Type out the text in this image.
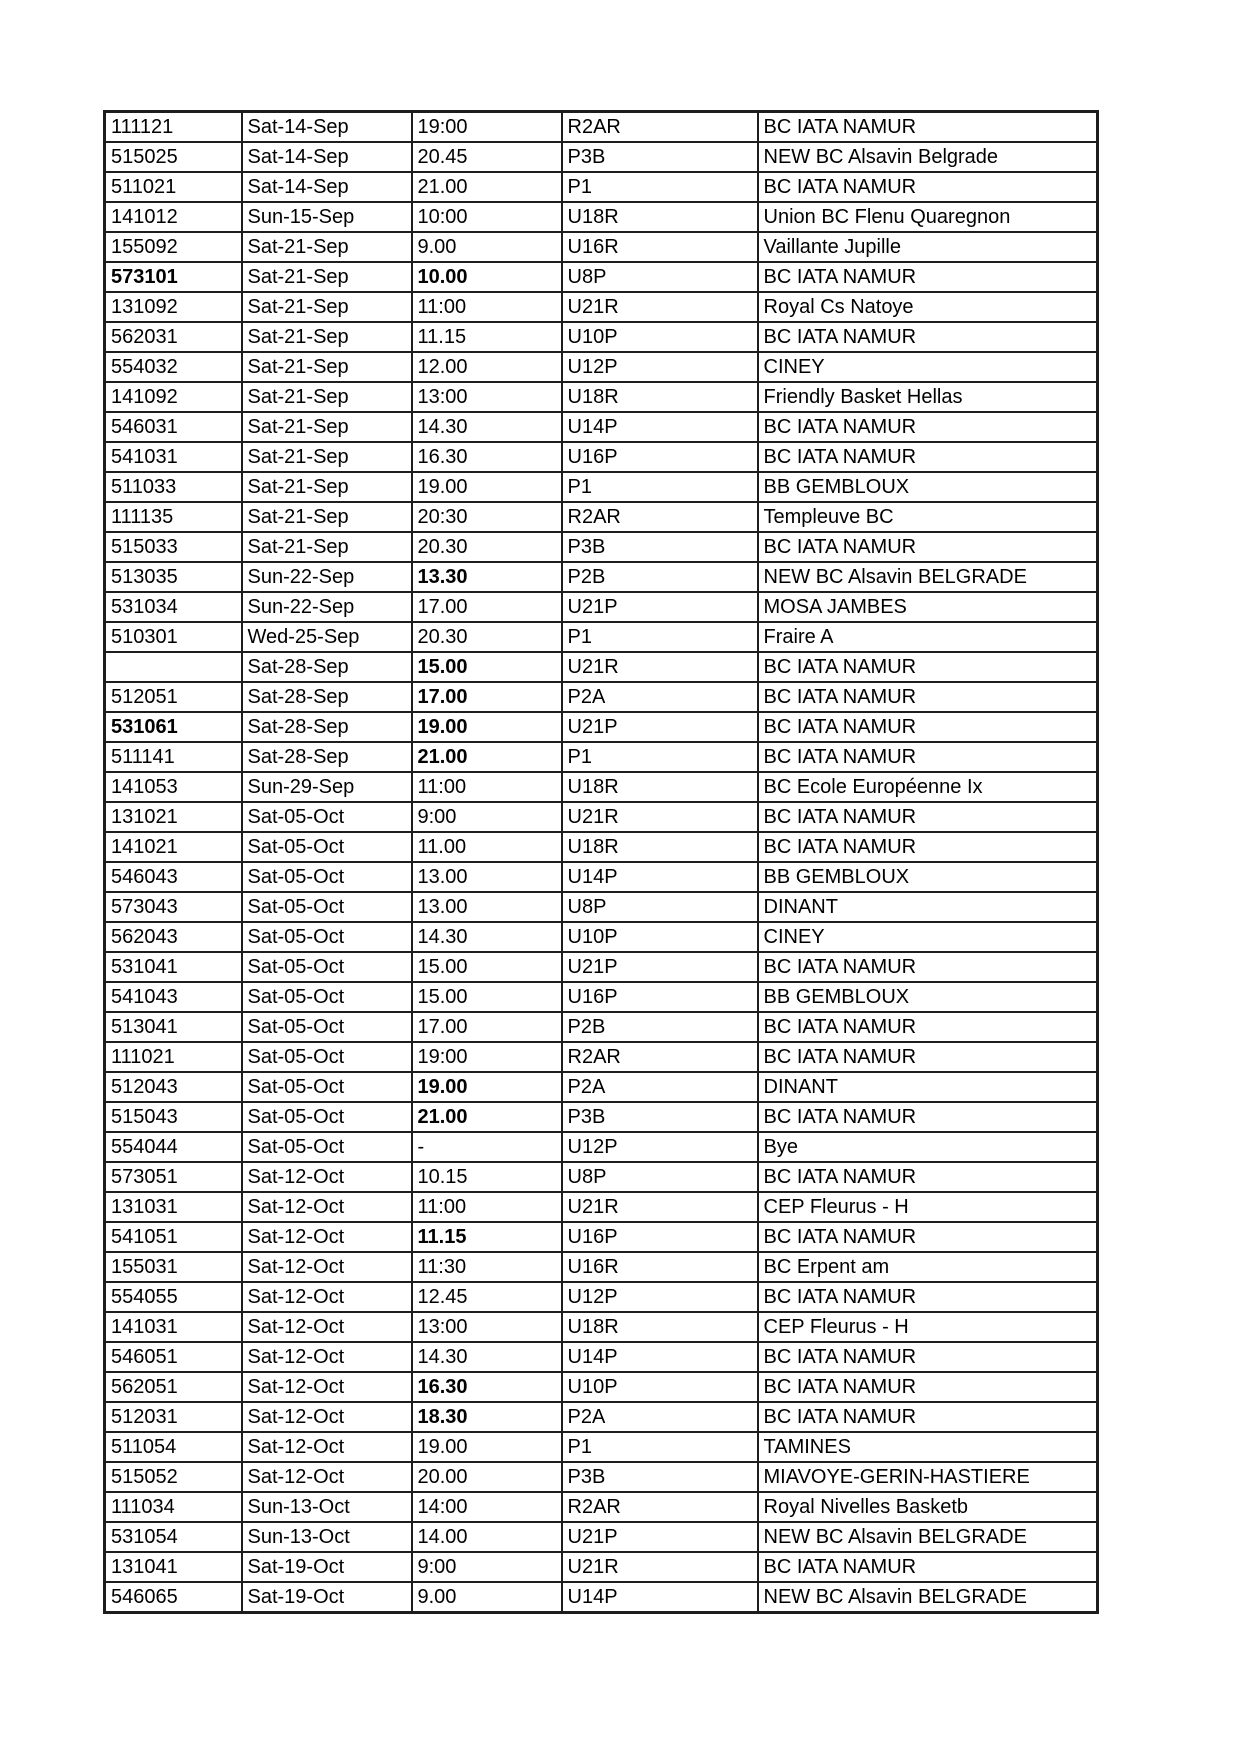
111121	Sat-14-Sep	19:00	R2AR	BC IATA NAMUR
515025	Sat-14-Sep	20.45	P3B	NEW BC Alsavin Belgrade
511021	Sat-14-Sep	21.00	P1	BC IATA NAMUR
141012	Sun-15-Sep	10:00	U18R	Union BC Flenu Quaregnon
155092	Sat-21-Sep	9.00	U16R	Vaillante Jupille
573101	Sat-21-Sep	10.00	U8P	BC IATA NAMUR
131092	Sat-21-Sep	11:00	U21R	Royal Cs Natoye
562031	Sat-21-Sep	11.15	U10P	BC IATA NAMUR
554032	Sat-21-Sep	12.00	U12P	CINEY
141092	Sat-21-Sep	13:00	U18R	Friendly Basket Hellas
546031	Sat-21-Sep	14.30	U14P	BC IATA NAMUR
541031	Sat-21-Sep	16.30	U16P	BC IATA NAMUR
511033	Sat-21-Sep	19.00	P1	BB GEMBLOUX
111135	Sat-21-Sep	20:30	R2AR	Templeuve BC
515033	Sat-21-Sep	20.30	P3B	BC IATA NAMUR
513035	Sun-22-Sep	13.30	P2B	NEW BC Alsavin BELGRADE
531034	Sun-22-Sep	17.00	U21P	MOSA JAMBES
510301	Wed-25-Sep	20.30	P1	Fraire A
	Sat-28-Sep	15.00	U21R	BC IATA NAMUR
512051	Sat-28-Sep	17.00	P2A	BC IATA NAMUR
531061	Sat-28-Sep	19.00	U21P	BC IATA NAMUR
511141	Sat-28-Sep	21.00	P1	BC IATA NAMUR
141053	Sun-29-Sep	11:00	U18R	BC Ecole Européenne Ix
131021	Sat-05-Oct	9:00	U21R	BC IATA NAMUR
141021	Sat-05-Oct	11.00	U18R	BC IATA NAMUR
546043	Sat-05-Oct	13.00	U14P	BB GEMBLOUX
573043	Sat-05-Oct	13.00	U8P	DINANT
562043	Sat-05-Oct	14.30	U10P	CINEY
531041	Sat-05-Oct	15.00	U21P	BC IATA NAMUR
541043	Sat-05-Oct	15.00	U16P	BB GEMBLOUX
513041	Sat-05-Oct	17.00	P2B	BC IATA NAMUR
111021	Sat-05-Oct	19:00	R2AR	BC IATA NAMUR
512043	Sat-05-Oct	19.00	P2A	DINANT
515043	Sat-05-Oct	21.00	P3B	BC IATA NAMUR
554044	Sat-05-Oct	-	U12P	Bye
573051	Sat-12-Oct	10.15	U8P	BC IATA NAMUR
131031	Sat-12-Oct	11:00	U21R	CEP Fleurus - H
541051	Sat-12-Oct	11.15	U16P	BC IATA NAMUR
155031	Sat-12-Oct	11:30	U16R	BC Erpent am
554055	Sat-12-Oct	12.45	U12P	BC IATA NAMUR
141031	Sat-12-Oct	13:00	U18R	CEP Fleurus - H
546051	Sat-12-Oct	14.30	U14P	BC IATA NAMUR
562051	Sat-12-Oct	16.30	U10P	BC IATA NAMUR
512031	Sat-12-Oct	18.30	P2A	BC IATA NAMUR
511054	Sat-12-Oct	19.00	P1	TAMINES
515052	Sat-12-Oct	20.00	P3B	MIAVOYE-GERIN-HASTIERE
111034	Sun-13-Oct	14:00	R2AR	Royal Nivelles Basketb
531054	Sun-13-Oct	14.00	U21P	NEW BC Alsavin BELGRADE
131041	Sat-19-Oct	9:00	U21R	BC IATA NAMUR
546065	Sat-19-Oct	9.00	U14P	NEW BC Alsavin BELGRADE
